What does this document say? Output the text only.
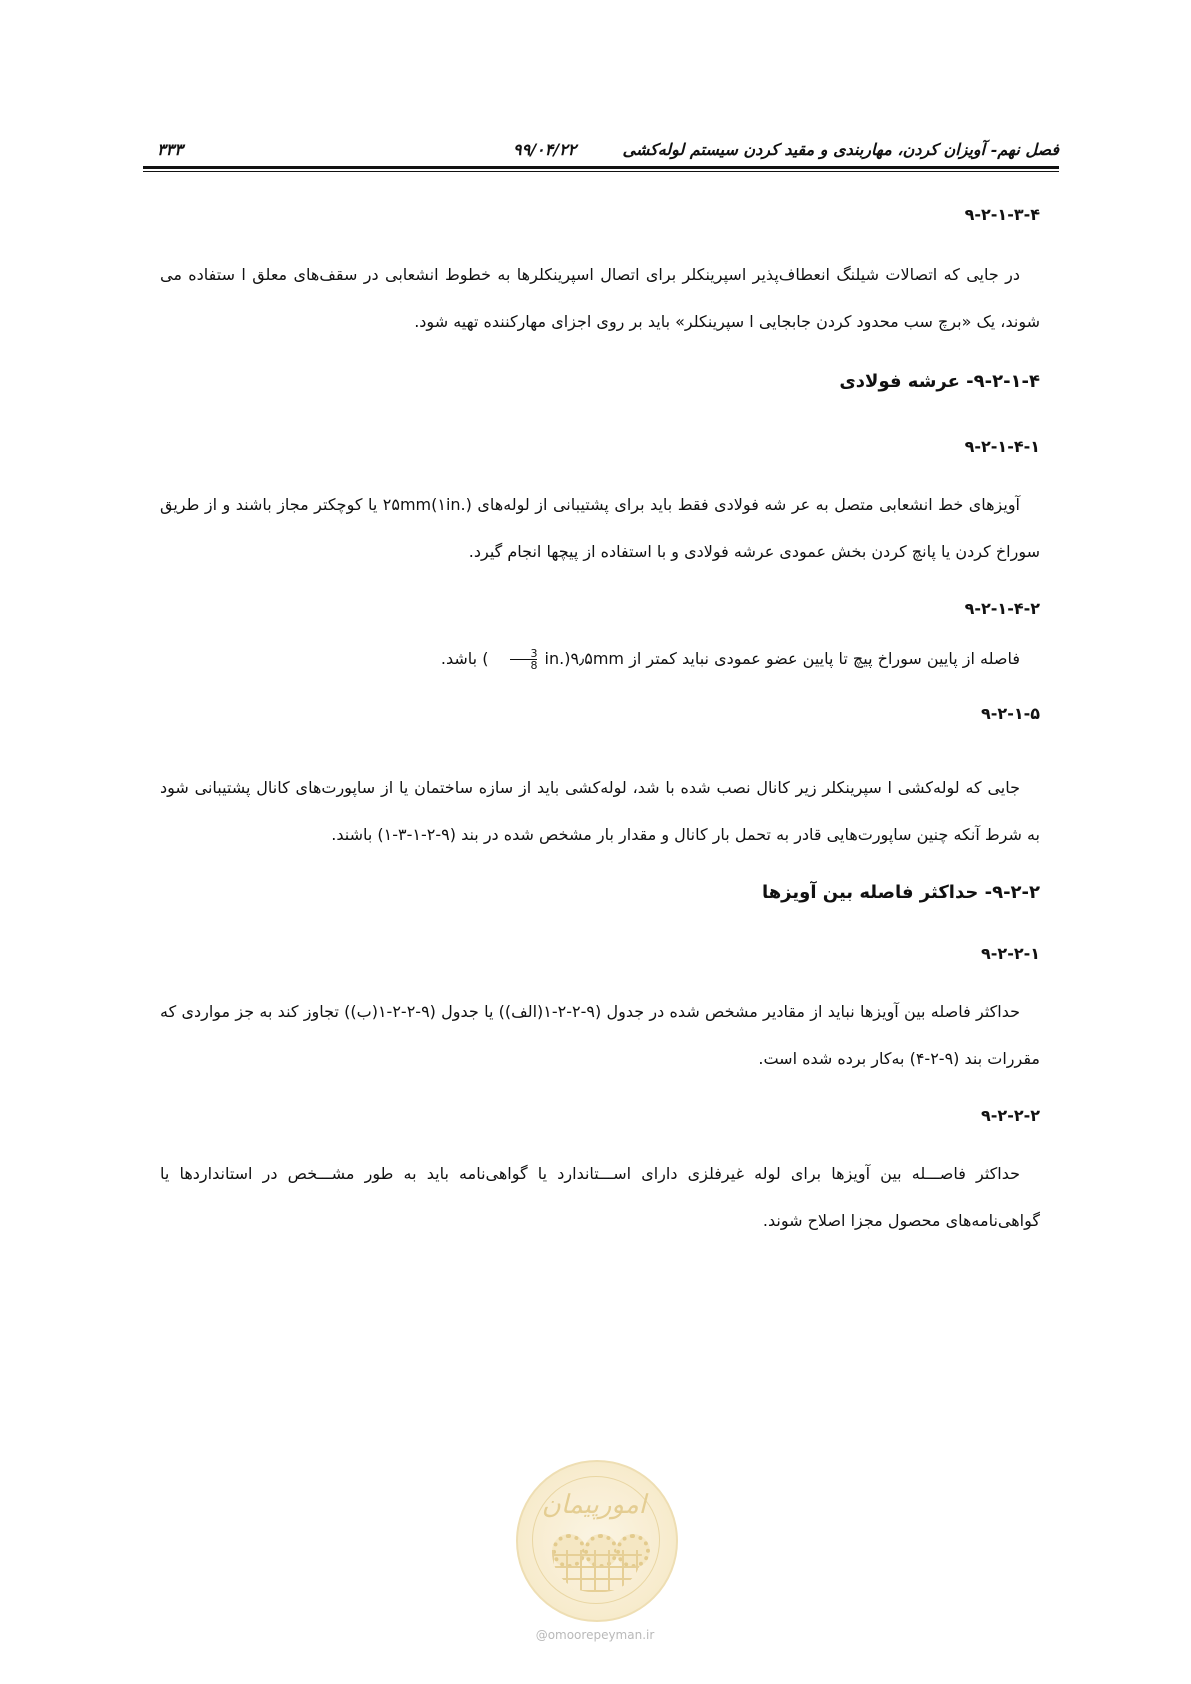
فصل نهم- آویزان کردن، مهاربندی و مقید کردن سیستم لوله‌کشی
۹۹/۰۴/۲۲
۳۳۳

۹-۲-۱-۳-۴

در جایی که اتصالات شیلنگ انعطاف‌پذیر اسپرینکلر برای اتصال اسپرینکلرها به خطوط انشعابی در سقف‌های معلق ا ستفاده می شوند، یک «برچ سب محدود کردن جابجایی ا سپرینکلر» باید بر روی اجزای مهارکننده تهیه شود.

۹-۲-۱-۴- عرشه فولادی

۹-۲-۱-۴-۱

آویزهای خط انشعابی متصل به عر شه فولادی فقط باید برای پشتیبانی از لوله‌های ۲۵mm(۱in.) یا کوچکتر مجاز باشند و از طریق سوراخ کردن یا پانچ کردن بخش عمودی عرشه فولادی و با استفاده از پیچها انجام گیرد.

۹-۲-۱-۴-۲

فاصله از پایین سوراخ پیچ تا پایین عضو عمودی نباید کمتر از ۹٫۵mm(
$\frac{3}{8} in$.) باشد.

۹-۲-۱-۵

جایی که لوله‌کشی ا سپرینکلر زیر کانال نصب شده با شد، لوله‌کشی باید از سازه ساختمان یا از ساپورت‌های کانال پشتیبانی شود به شرط آنکه چنین ساپورت‌هایی قادر به تحمل بار کانال و مقدار بار مشخص شده در بند (۹-۲-۱-۳-۱) باشند.

۹-۲-۲- حداکثر فاصله بین آویزها

۹-۲-۲-۱

حداکثر فاصله بین آویزها نباید از مقادیر مشخص شده در جدول (۹-۲-۲-۱(الف)) یا جدول (۹-۲-۲-۱(ب)) تجاوز کند به جز مواردی که مقررات بند (۹-۲-۴) به‌کار برده شده است.

۹-۲-۲-۲

حداکثر فاصـــله بین آویزها برای لوله غیرفلزی دارای اســـتاندارد یا گواهی‌نامه باید به طور مشـــخص در استانداردها یا گواهی‌نامه‌های محصول مجزا اصلاح شوند.

امورپیمان
@omoorepeyman.ir
